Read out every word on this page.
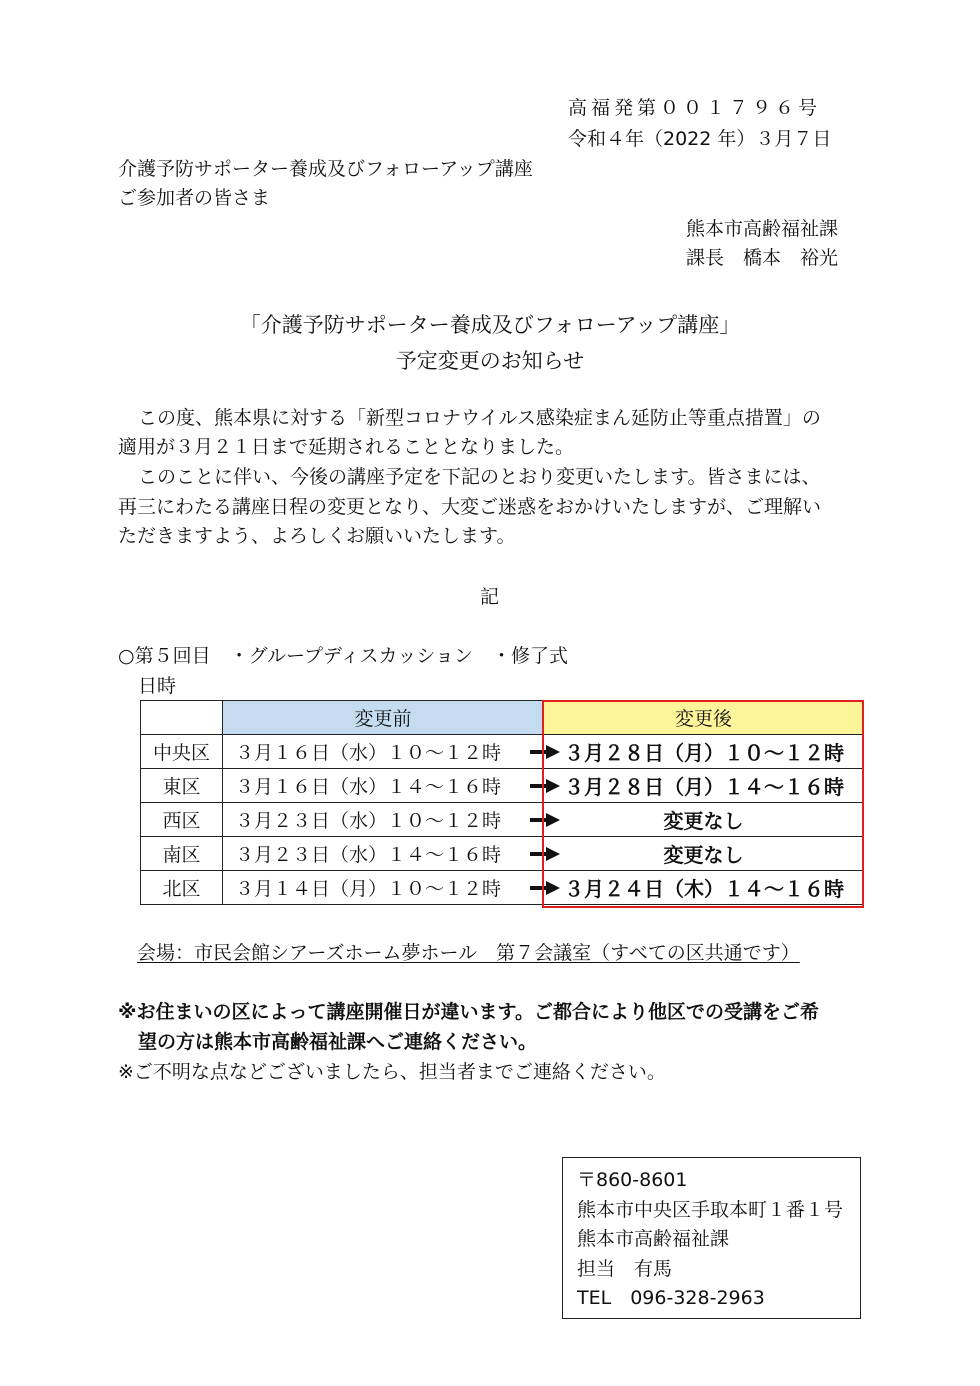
高福発第００１７９６号
令和４年（2022 年）３月７日
介護予防サポーター養成及びフォローアップ講座
ご参加者の皆さま
熊本市高齢福祉課
課長　橋本　裕光
「介護予防サポーター養成及びフォローアップ講座」
予定変更のお知らせ
この度、熊本県に対する「新型コロナウイルス感染症まん延防止等重点措置」の
適用が３月２１日まで延期されることとなりました。
このことに伴い、今後の講座予定を下記のとおり変更いたします。皆さまには、
再三にわたる講座日程の変更となり、大変ご迷惑をおかけいたしますが、ご理解い
ただきますよう、よろしくお願いいたします。
記
○第５回目　・グループディスカッション　・修了式
日時
	変更前	変更後
中央区	３月１６日（水）１０～１２時	３月２８日（月）１０～１２時
東区	３月１６日（水）１４～１６時	３月２８日（月）１４～１６時
西区	３月２３日（水）１０～１２時	変更なし

南区	３月２３日（水）１４～１６時	変更なし

北区	３月１４日（月）１０～１２時	３月２４日（木）１４～１６時
会場：市民会館シアーズホーム夢ホール　第７会議室（すべての区共通です）
※お住まいの区によって講座開催日が違います。ご都合により他区での受講をご希
望の方は熊本市高齢福祉課へご連絡ください。
※ご不明な点などございましたら、担当者までご連絡ください。
〒860-8601
熊本市中央区手取本町１番１号
熊本市高齢福祉課
担当　有馬
TEL　096-328-2963
